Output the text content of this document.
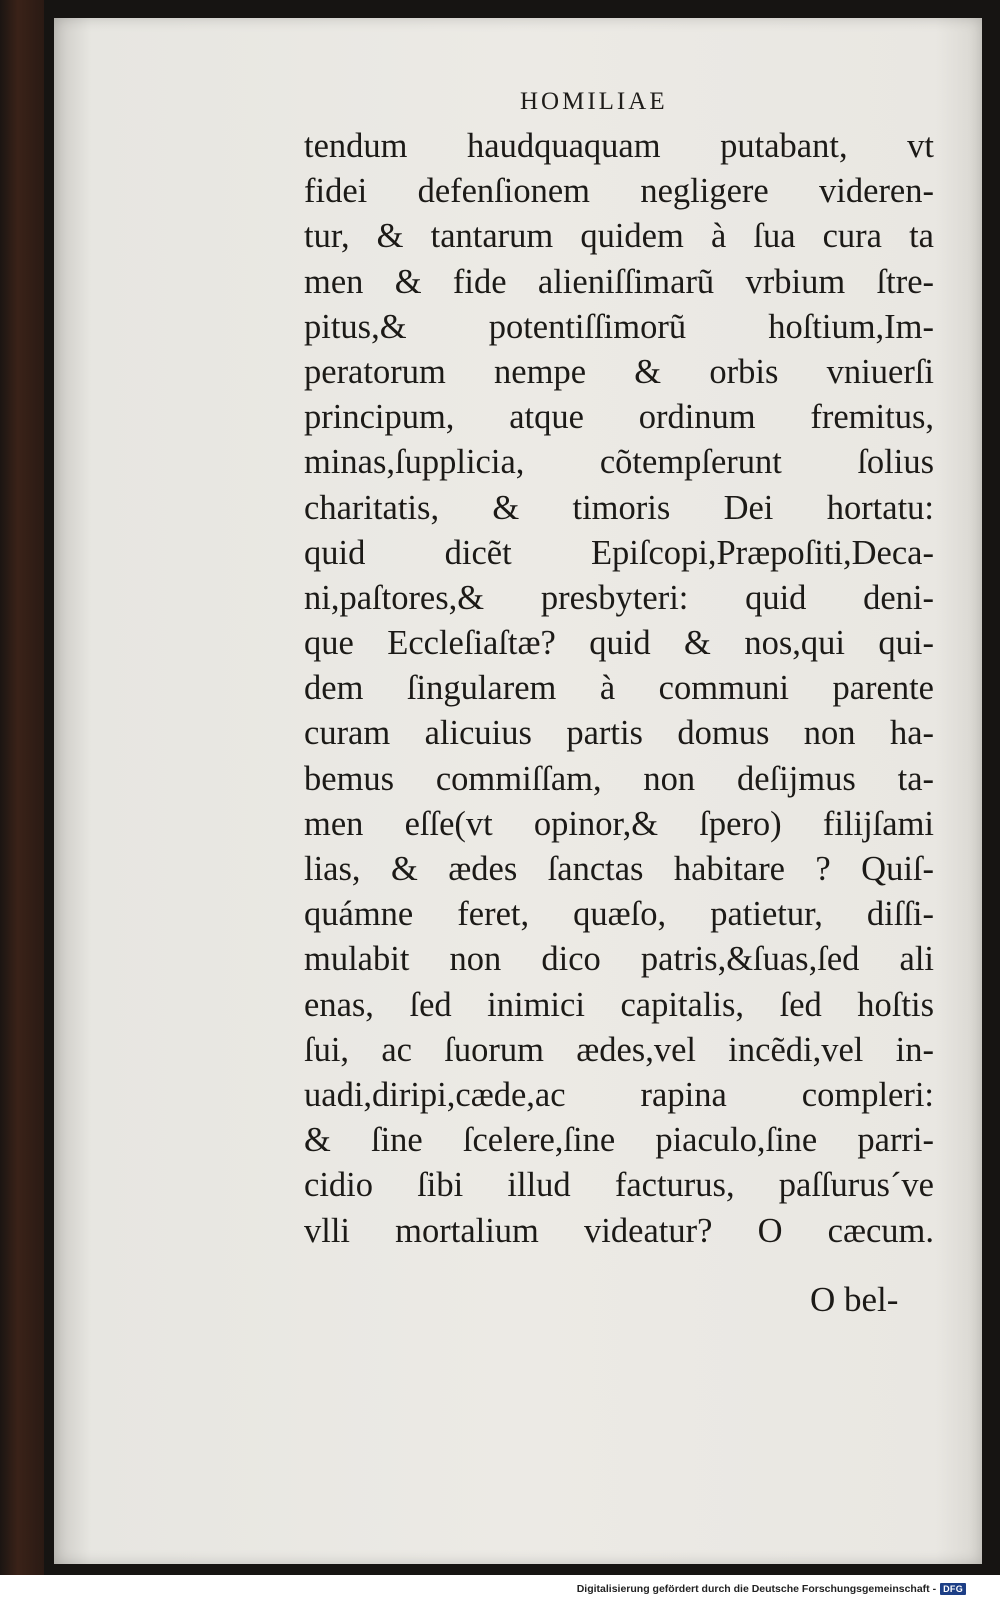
HOMILIAE
tendum haudquaquam putabant, vt
fidei defenſionem negligere videren-
tur, & tantarum quidem à ſua cura ta
men & fide alieniſſimarũ vrbium ſtre-
pitus,& potentiſſimorũ hoſtium,Im-
peratorum nempe & orbis vniuerſi
principum, atque ordinum fremitus,
minas,ſupplicia, cõtempſerunt ſolius
charitatis, & timoris Dei hortatu:
quid dicẽt Epiſcopi,Præpoſiti,Deca-
ni,paſtores,& presbyteri: quid deni-
que Eccleſiaſtæ? quid & nos,qui qui-
dem ſingularem à communi parente
curam alicuius partis domus non ha-
bemus commiſſam, non deſijmus ta-
men eſſe(vt opinor,& ſpero) filijſami
lias, & ædes ſanctas habitare ? Quiſ-
quámne feret, quæſo, patietur, diſſi-
mulabit non dico patris,&ſuas,ſed ali
enas, ſed inimici capitalis, ſed hoſtis
ſui, ac ſuorum ædes,vel incẽdi,vel in-
uadi,diripi,cæde,ac rapina compleri:
& ſine ſcelere,ſine piaculo,ſine parri-
cidio ſibi illud facturus, paſſurus´ve
vlli mortalium videatur? O cæcum.
O bel-
Digitalisierung gefördert durch die Deutsche Forschungsgemeinschaft - DFG
